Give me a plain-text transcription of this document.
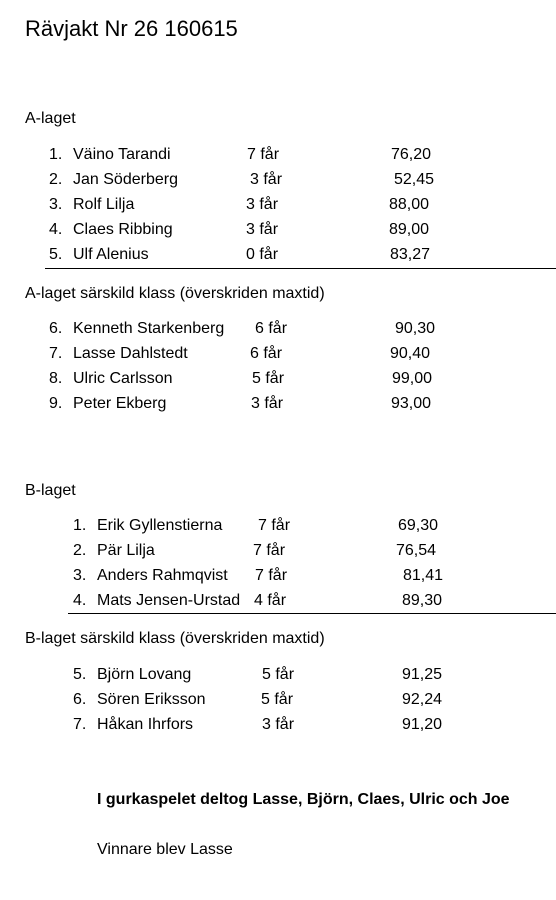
Rävjakt Nr 26 160615
A-laget
1. Väino Tarandi	7 får	76,20
2. Jan Söderberg	3 får	52,45
3. Rolf Lilja	3 får	88,00
4. Claes Ribbing	3 får	89,00
5. Ulf Alenius	0 får	83,27
A-laget särskild klass (överskriden maxtid)
6. Kenneth Starkenberg 6 får	90,30
7. Lasse Dahlstedt	6 får	90,40
8. Ulric Carlsson	5 får	99,00
9. Peter Ekberg	3 får	93,00
B-laget
1. Erik Gyllenstierna 7 får	69,30
2. Pär Lilja	7 får	76,54
3. Anders Rahmqvist 7 får	81,41
4. Mats Jensen-Urstad 4 får	89,30
B-laget särskild klass (överskriden maxtid)
5. Björn Lovang	5 får	91,25
6. Sören Eriksson	5 får	92,24
7. Håkan Ihrfors	3 får	91,20
I gurkaspelet deltog Lasse, Björn, Claes, Ulric och Joe
Vinnare blev Lasse
